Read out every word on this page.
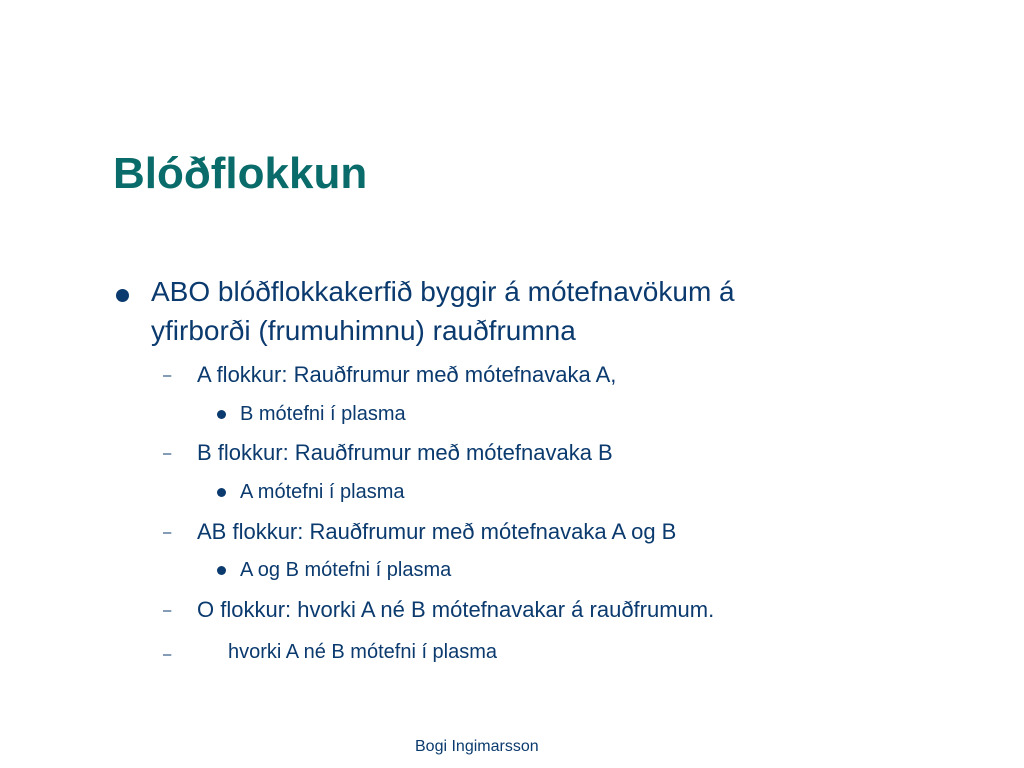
Blóðflokkun
ABO blóðflokkakerfið byggir á mótefnavökum á
yfirborði (frumuhimnu) rauðfrumna
– A flokkur: Rauðfrumur með mótefnavaka A,
B mótefni í plasma
– B flokkur: Rauðfrumur með mótefnavaka B
A mótefni í plasma
– AB flokkur: Rauðfrumur með mótefnavaka A og B
A og B mótefni í plasma
– O flokkur: hvorki A né B mótefnavakar á rauðfrumum.
–	hvorki A né B mótefni í plasma
Bogi Ingimarsson
